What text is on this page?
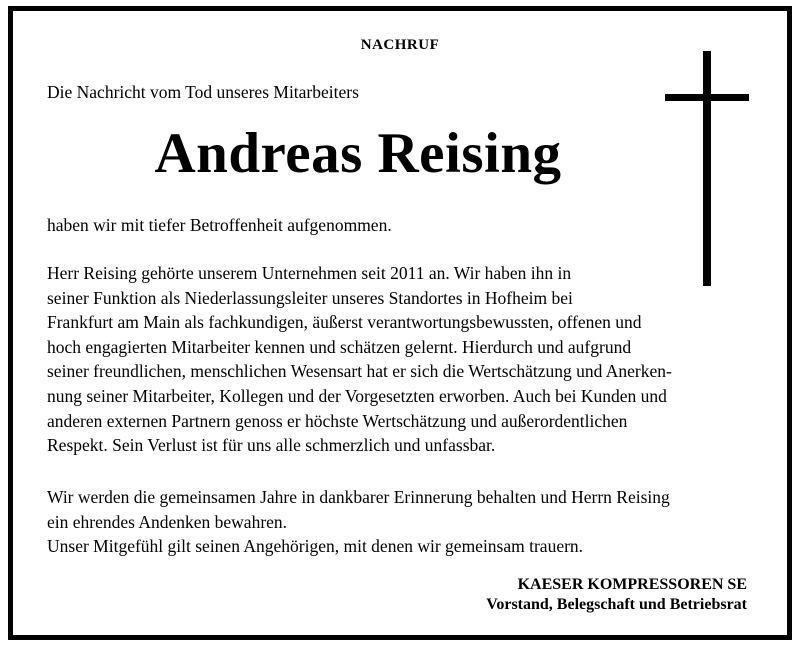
NACHRUF
Die Nachricht vom Tod unseres Mitarbeiters
Andreas Reising
haben wir mit tiefer Betroffenheit aufgenommen.
Herr Reising gehörte unserem Unternehmen seit 2011 an. Wir haben ihn in
seiner Funktion als Niederlassungsleiter unseres Standortes in Hofheim bei
Frankfurt am Main als fachkundigen, äußerst verantwortungsbewussten, offenen und
hoch engagierten Mitarbeiter kennen und schätzen gelernt. Hierdurch und aufgrund
seiner freundlichen, menschlichen Wesensart hat er sich die Wertschätzung und Anerken-
nung seiner Mitarbeiter, Kollegen und der Vorgesetzten erworben. Auch bei Kunden und
anderen externen Partnern genoss er höchste Wertschätzung und außerordentlichen
Respekt. Sein Verlust ist für uns alle schmerzlich und unfassbar.
Wir werden die gemeinsamen Jahre in dankbarer Erinnerung behalten und Herrn Reising
ein ehrendes Andenken bewahren.
Unser Mitgefühl gilt seinen Angehörigen, mit denen wir gemeinsam trauern.
KAESER KOMPRESSOREN SE
Vorstand, Belegschaft und Betriebsrat
